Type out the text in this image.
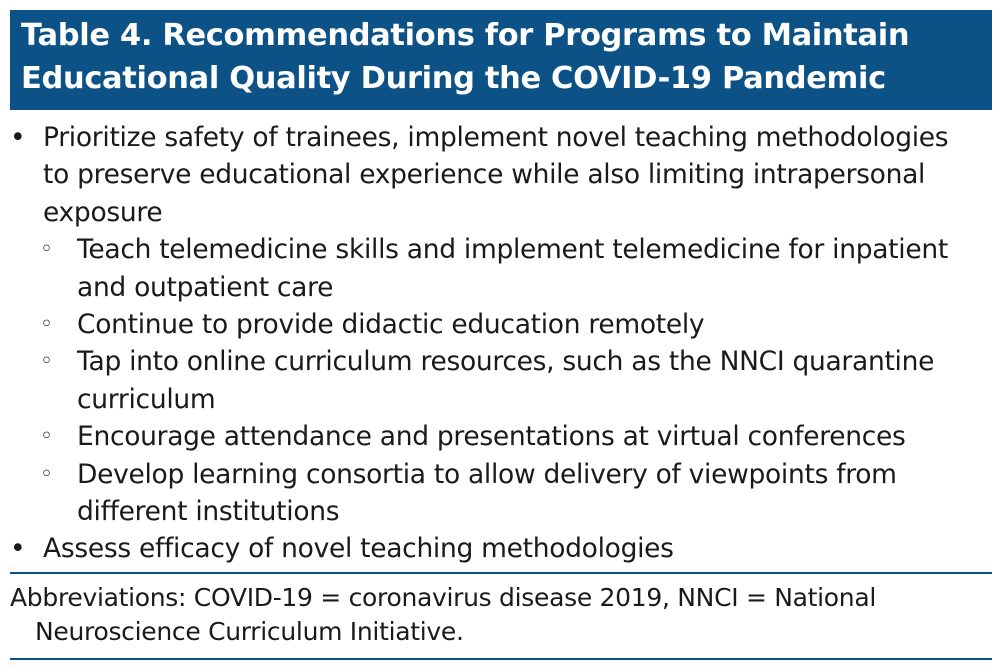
Table 4. Recommendations for Programs to Maintain
Educational Quality During the COVID-19 Pandemic
• Prioritize safety of trainees, implement novel teaching methodologies
to preserve educational experience while also limiting intrapersonal
exposure
◦ Teach telemedicine skills and implement telemedicine for inpatient
and outpatient care
◦ Continue to provide didactic education remotely
◦ Tap into online curriculum resources, such as the NNCI quarantine
curriculum
◦ Encourage attendance and presentations at virtual conferences
◦ Develop learning consortia to allow delivery of viewpoints from
different institutions
• Assess efficacy of novel teaching methodologies
Abbreviations: COVID-19 = coronavirus disease 2019, NNCI = National
Neuroscience Curriculum Initiative.
